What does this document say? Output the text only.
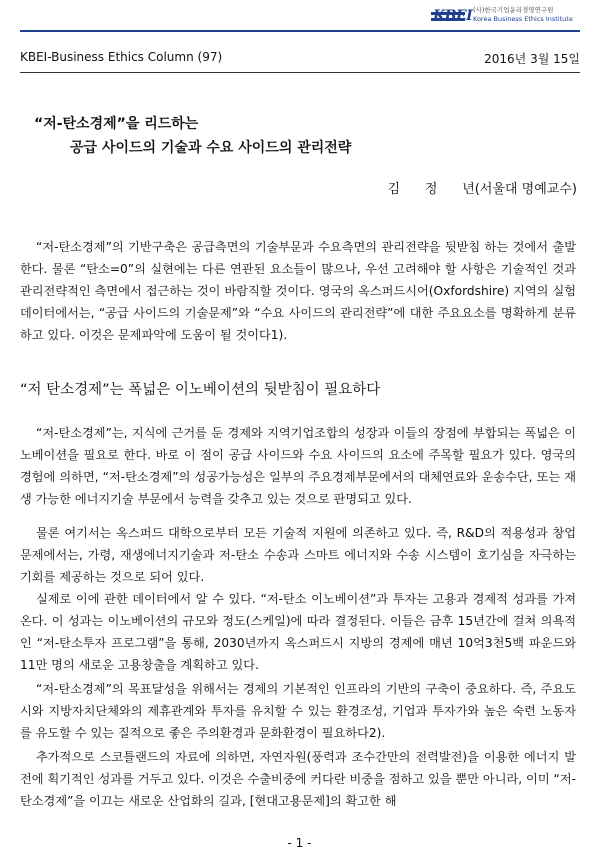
KBEI (사)한국기업윤리경영연구원
Korea Business Ethics Institute
KBEI-Business Ethics Column (97)	2016년 3월 15일
“저-탄소경제”을 리드하는
공급 사이드의 기술과 수요 사이드의 관리전략
김      정      년(서울대 명예교수)

“저-탄소경제”의 기반구축은 공급측면의 기술부문과 수요측면의 관리전략을 뒷받침 하는 것에서 출발한다. 물론 “탄소=0”의 실현에는 다른 연관된 요소들이 많으나, 우선 고려해야 할 사항은 기술적인 것과 관리전략적인 측면에서 접근하는 것이 바람직할 것이다. 영국의 옥스퍼드시어(Oxfordshire) 지역의 실험 데이터에서는, “공급 사이드의 기술문제”와 “수요 사이드의 관리전략”에 대한 주요요소를 명확하게 분류하고 있다. 이것은 문제파악에 도움이 될 것이다1).

“저 탄소경제”는 폭넓은 이노베이션의 뒷받침이 필요하다

“저-탄소경제”는, 지식에 근거를 둔 경제와 지역기업조합의 성장과 이들의 장점에 부합되는 폭넓은 이노베이션을 필요로 한다. 바로 이 점이 공급 사이드와 수요 사이드의 요소에 주목할 필요가 있다. 영국의 경험에 의하면, “저-탄소경제”의 성공가능성은 일부의 주요경제부문에서의 대체연료와 운송수단, 또는 재생 가능한 에너지기술 부문에서 능력을 갖추고 있는 것으로 판명되고 있다.

물론 여기서는 옥스퍼드 대학으로부터 모든 기술적 지원에 의존하고 있다. 즉, R&D의 적용성과 창업문제에서는, 가령, 재생에너지기술과 저-탄소 수송과 스마트 에너지와 수송 시스템이 호기심을 자극하는 기회를 제공하는 것으로 되어 있다.

실제로 이에 관한 데이터에서 알 수 있다. “저-탄소 이노베이션”과 투자는 고용과 경제적 성과를 가져온다. 이 성과는 이노베이션의 규모와 정도(스케일)에 따라 결정된다. 이들은 금후 15년간에 걸쳐 의욕적인 “저-탄소투자 프로그램”을 통해, 2030년까지 옥스퍼드시 지방의 경제에 매년 10억3천5백 파운드와 11만 명의 새로운 고용창출을 계획하고 있다.

“저-탄소경제”의 목표달성을 위해서는 경제의 기본적인 인프라의 기반의 구축이 중요하다. 즉, 주요도시와 지방자치단체와의 제휴관계와 투자를 유치할 수 있는 환경조성, 기업과 투자가와 높은 숙련 노동자를 유도할 수 있는 질적으로 좋은 주의환경과 문화환경이 필요하다2).

추가적으로 스코틀랜드의 자료에 의하면, 자연자원(풍력과 조수간만의 전력발전)을 이용한 에너지 발전에 획기적인 성과를 거두고 있다. 이것은 수출비중에 커다란 비중을 점하고 있을 뿐만 아니라, 이미 “저-탄소경제”을 이끄는 새로운 산업화의 길과, [현대고용문제]의 확고한 해

- 1 -
